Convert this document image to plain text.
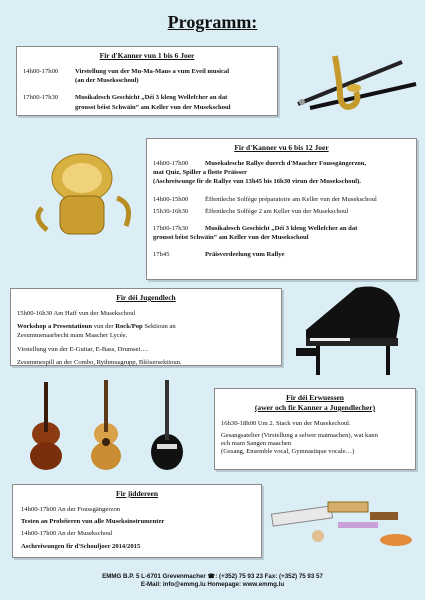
Programm:
Fir d'Kanner vun 1 bis 6 Joer
14h00-17h00	Virstellung vun der Mu-Ma-Maus a vum Eveil musical
(an der Museksschoul)
17h00-17h30	Musikalesch Geschicht „Déi 3 kleng Wellefcher an dat
grousst béist Schwäin“ am Keller vun der Musekschoul
Fir d'Kanner vu 6 bis 12 Joer
14h00-17h00	Musekalesche Rallye duerch d'Maacher Foussgängerzon,
mat Quiz, Spiller a flotte Präisser
(Aschreiwunge fir de Rallye vun 13h45 bis 16h30 virun der Musekschoul).
14h00-15h00	Ëffentleche Solfège préparatoire am Keller vun der Musekschoul
15h30-16h30	Ëffentleche Solfège 2 am Keller vun der Musekschoul
17h00-17h30	Musikalesch Geschicht „Déi 3 kleng Wellefcher an dat
grousst béist Schwäin“ am Keller vun der Musekschoul
17h45	Präisverdeelung vum Rallye
Fir déi Jugendlech
15h00-16h30 Am Haff vun der Musekschoul
Workshop a Presentatioun vun der Rock/Pop Sektioun an
Zesummenaarbecht mam Maacher Lycée.
Virstellung vun der E-Guitar, E-Bass, Drumset….
Zesummespill an der Combo, Rythmusgrupp, Bléisersektioun.
Fir déi Erwuessen
(awer och fir Kanner a Jugendlecher)
16h30-18h00 Um 2. Stack vun der Musekschoul.
Gesangsatelier (Virstellung a selwer matmachen), wat kann
ech mam Sangen maachen
(Gesang, Ensemble vocal, Gymnastique vocale…)
Fir jiddereen
14h00-17h00 An der Foussgängerzon
Testen an Probéieren vun alle Museksinstrumenter
14h00-17h00 An der Musekschoul
Aschreiwungen fir d'Schouljoer 2014/2015
EMMG B.P. 5 L-6701 Grevenmacher ☎: (+352) 75 93 23 Fax: (+352) 75 93 57
E-Mail: info@emmg.lu Homepage: www.emmg.lu
